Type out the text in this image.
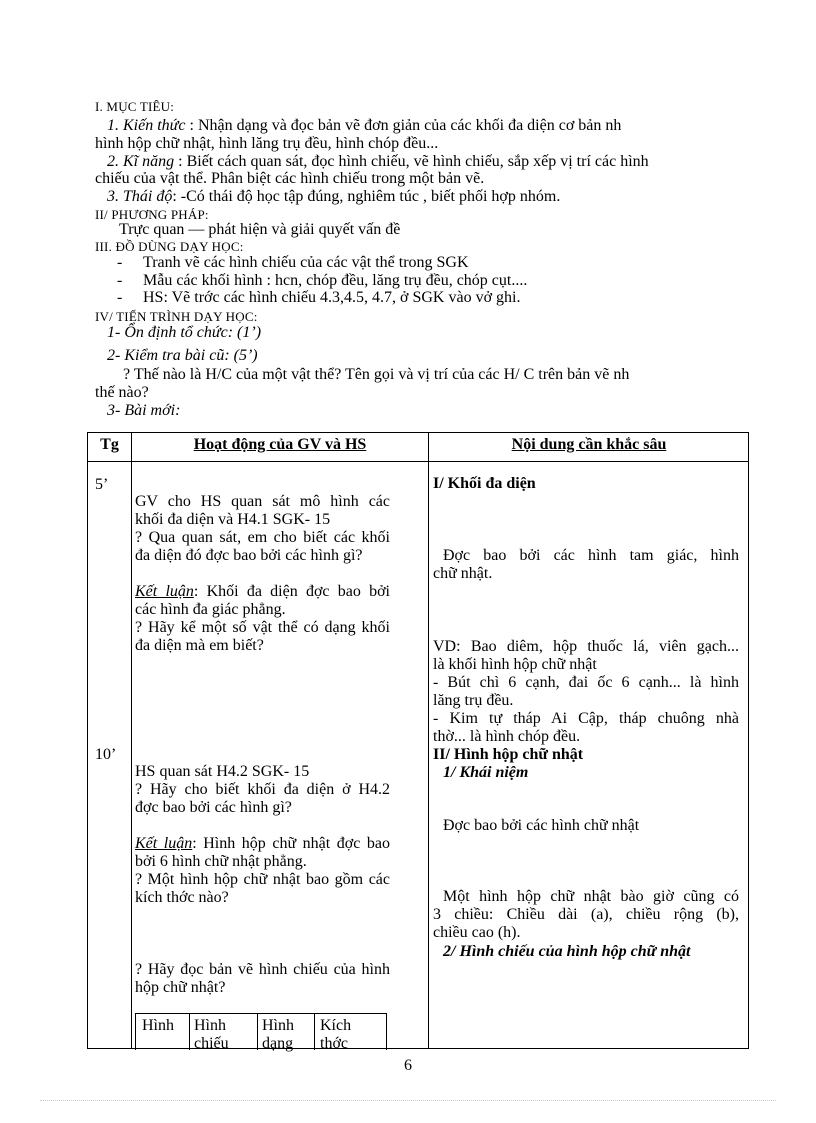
I. MỤC TIÊU:
1. Kiến thức : Nhận dạng và đọc bản vẽ đơn giản của các khối đa diện cơ bản nh
hình hộp chữ nhật, hình lăng trụ đều, hình chóp đều...
2. Kĩ năng : Biết cách quan sát, đọc hình chiếu, vẽ hình chiếu, sắp xếp vị trí các hình
chiếu của vật thể. Phân biệt các hình chiếu trong một bản vẽ.
3. Thái độ: -Có thái độ học tập đúng, nghiêm túc , biết phối hợp nhóm.
II/ PHƯƠNG PHÁP:
Trực quan — phát hiện và giải quyết vấn đề
III. ĐỒ DÙNG DẠY HỌC:
- Tranh vẽ các hình chiếu của các vật thể trong SGK
- Mẫu các khối hình : hcn, chóp đều, lăng trụ đều, chóp cụt....
- HS: Vẽ trớc các hình chiếu 4.3,4.5, 4.7, ở SGK vào vở ghi.
IV/ TIẾN TRÌNH DẠY HỌC:
1- Ổn định tổ chức: (1’)
2- Kiểm tra bài cũ: (5’)
? Thế nào là H/C của một vật thể? Tên gọi và vị trí của các H/ C trên bản vẽ nh
thế nào?
3- Bài mới:
Tg	Hoạt động của GV và HS	Nội dung cần khắc sâu
5’
10’
GV cho HS quan sát mô hình các
khối đa diện và H4.1 SGK- 15
? Qua quan sát, em cho biết các khối
đa diện đó đợc bao bởi các hình gì?
Kết luận: Khối đa diện đợc bao bởi
các hình đa giác phẳng.
? Hãy kể một số vật thể có dạng khối
đa diện mà em biết?
HS quan sát H4.2 SGK- 15
? Hãy cho biết khối đa diện ở H4.2
đợc bao bởi các hình gì?
Kết luận: Hình hộp chữ nhật đợc bao
bởi 6 hình chữ nhật phẳng.
? Một hình hộp chữ nhật bao gồm các
kích thớc nào?
? Hãy đọc bản vẽ hình chiếu của hình
hộp chữ nhật?
Hình Hình chiếu
Hình dạng
Kích thớc
I/ Khối đa diện
Đợc bao bởi các hình tam giác, hình
chữ nhật.
VD: Bao diêm, hộp thuốc lá, viên gạch...
là khối hình hộp chữ nhật
- Bút chì 6 cạnh, đai ốc 6 cạnh... là hình
lăng trụ đều.
- Kim tự tháp Ai Cập, tháp chuông nhà
thờ... là hình chóp đều.
II/ Hình hộp chữ nhật
1/ Khái niệm
Đợc bao bởi các hình chữ nhật
Một hình hộp chữ nhật bào giờ cũng có
3 chiều: Chiều dài (a), chiều rộng (b),
chiều cao (h).
2/ Hình chiếu của hình hộp chữ nhật
6
